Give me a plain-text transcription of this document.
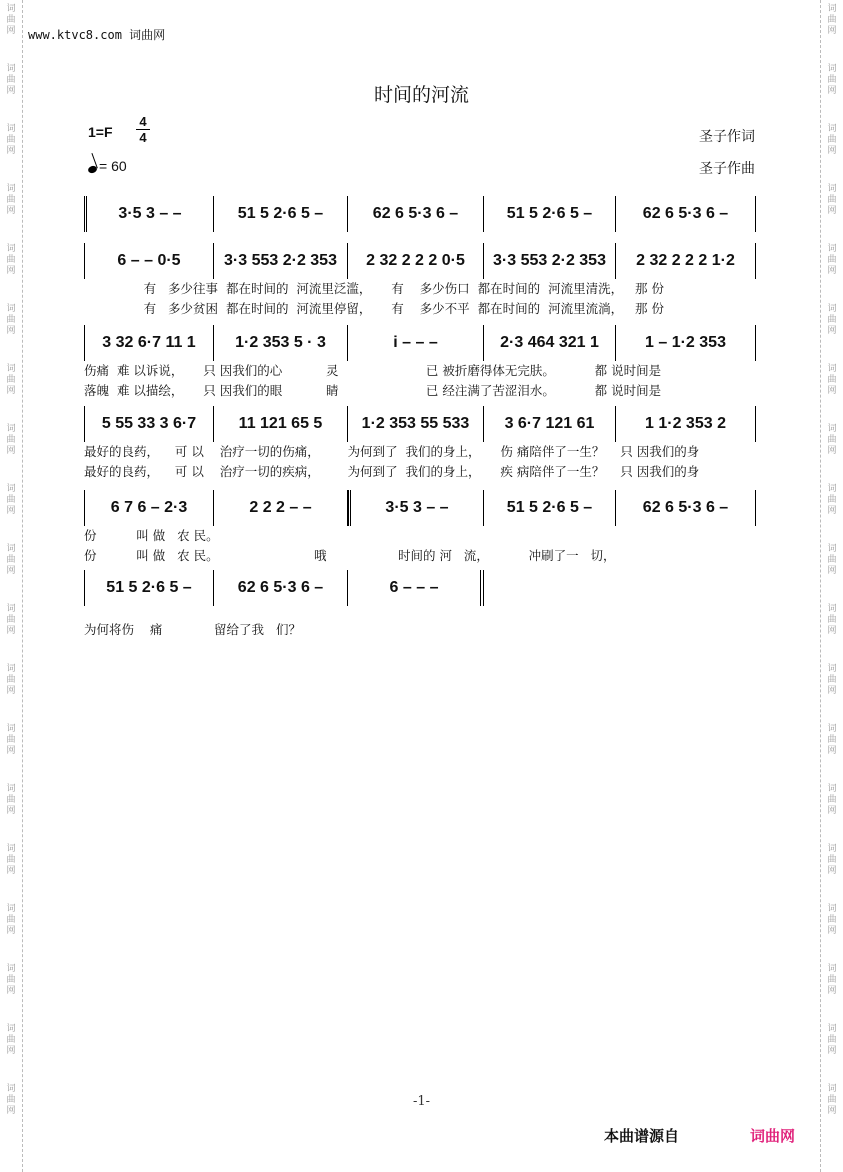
词曲网
词曲网
词曲网
词曲网
词曲网
词曲网
词曲网
词曲网
词曲网
词曲网
词曲网
词曲网
词曲网
词曲网
词曲网
词曲网
词曲网
词曲网
词曲网
词曲网
词曲网
词曲网
词曲网
词曲网
词曲网
词曲网
词曲网
词曲网
词曲网
词曲网
词曲网
词曲网
词曲网
词曲网
词曲网
词曲网
词曲网
词曲网
www.ktvc8.com 词曲网
时间的河流
1=F
4
4
= 60
圣子作词
圣子作曲
3·5 3 – –	51 5 2·6 5 –	62 6 5·3 6 –	51 5 2·6 5 –	62 6 5·3 6 –
6 – – 0·5	3·3 553 2·2 353	2 32 2 2 2 0·5	3·3 553 2·2 353	2 32 2 2 2 1·2
有   多少往事  都在时间的  河流里泛滥，     有    多少伤口  都在时间的  河流里清洗，   那 份
有   多少贫困  都在时间的  河流里停留，     有    多少不平  都在时间的  河流里流淌，   那 份
3 32 6·7 11 1	1·2 353 5 · 3	i – – –	2·3 464 321 1	1 – 1·2 353
伤痛  难 以诉说，     只 因我们的心           灵                      已 被折磨得体无完肤。          都 说时间是
落魄  难 以描绘，     只 因我们的眼           睛                      已 经注满了苦涩泪水。          都 说时间是
5 55 33 3 6·7	11 121 65 5	1·2 353 55 533	3 6·7 121 61	1 1·2 353 2
最好的良药，    可 以    治疗一切的伤痛，       为何到了  我们的身上，     伤 痛陪伴了一生？    只 因我们的身
最好的良药，    可 以    治疗一切的疾病，       为何到了  我们的身上，     疾 病陪伴了一生？    只 因我们的身
6 7 6 – 2·3	2 2 2 – –	3·5 3 – –	51 5 2·6 5 –	62 6 5·3 6 –
份          叫 做   农 民。
份          叫 做   农 民。                        哦                  时间的 河   流，          冲刷了一   切，
51 5 2·6 5 –	62 6 5·3 6 –	6 – – –
为何将伤    痛             留给了我   们？
-1-
本曲谱源自	词曲网
